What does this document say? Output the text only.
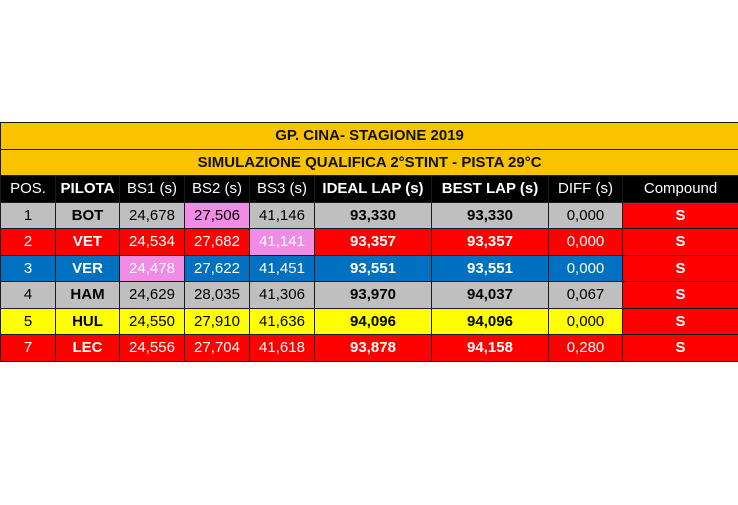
GP. CINA- STAGIONE 2019								
SIMULAZIONE QUALIFICA 2°STINT - PISTA 29°C								
POS.	PILOTA	BS1 (s)	BS2 (s)	BS3 (s)	IDEAL LAP (s)	BEST LAP (s)	DIFF (s)	Compound
1	BOT	24,678	27,506	41,146	93,330	93,330	0,000	S
2	VET	24,534	27,682	41,141	93,357	93,357	0,000	S
3	VER	24,478	27,622	41,451	93,551	93,551	0,000	S
4	HAM	24,629	28,035	41,306	93,970	94,037	0,067	S
5	HUL	24,550	27,910	41,636	94,096	94,096	0,000	S
7	LEC	24,556	27,704	41,618	93,878	94,158	0,280	S
